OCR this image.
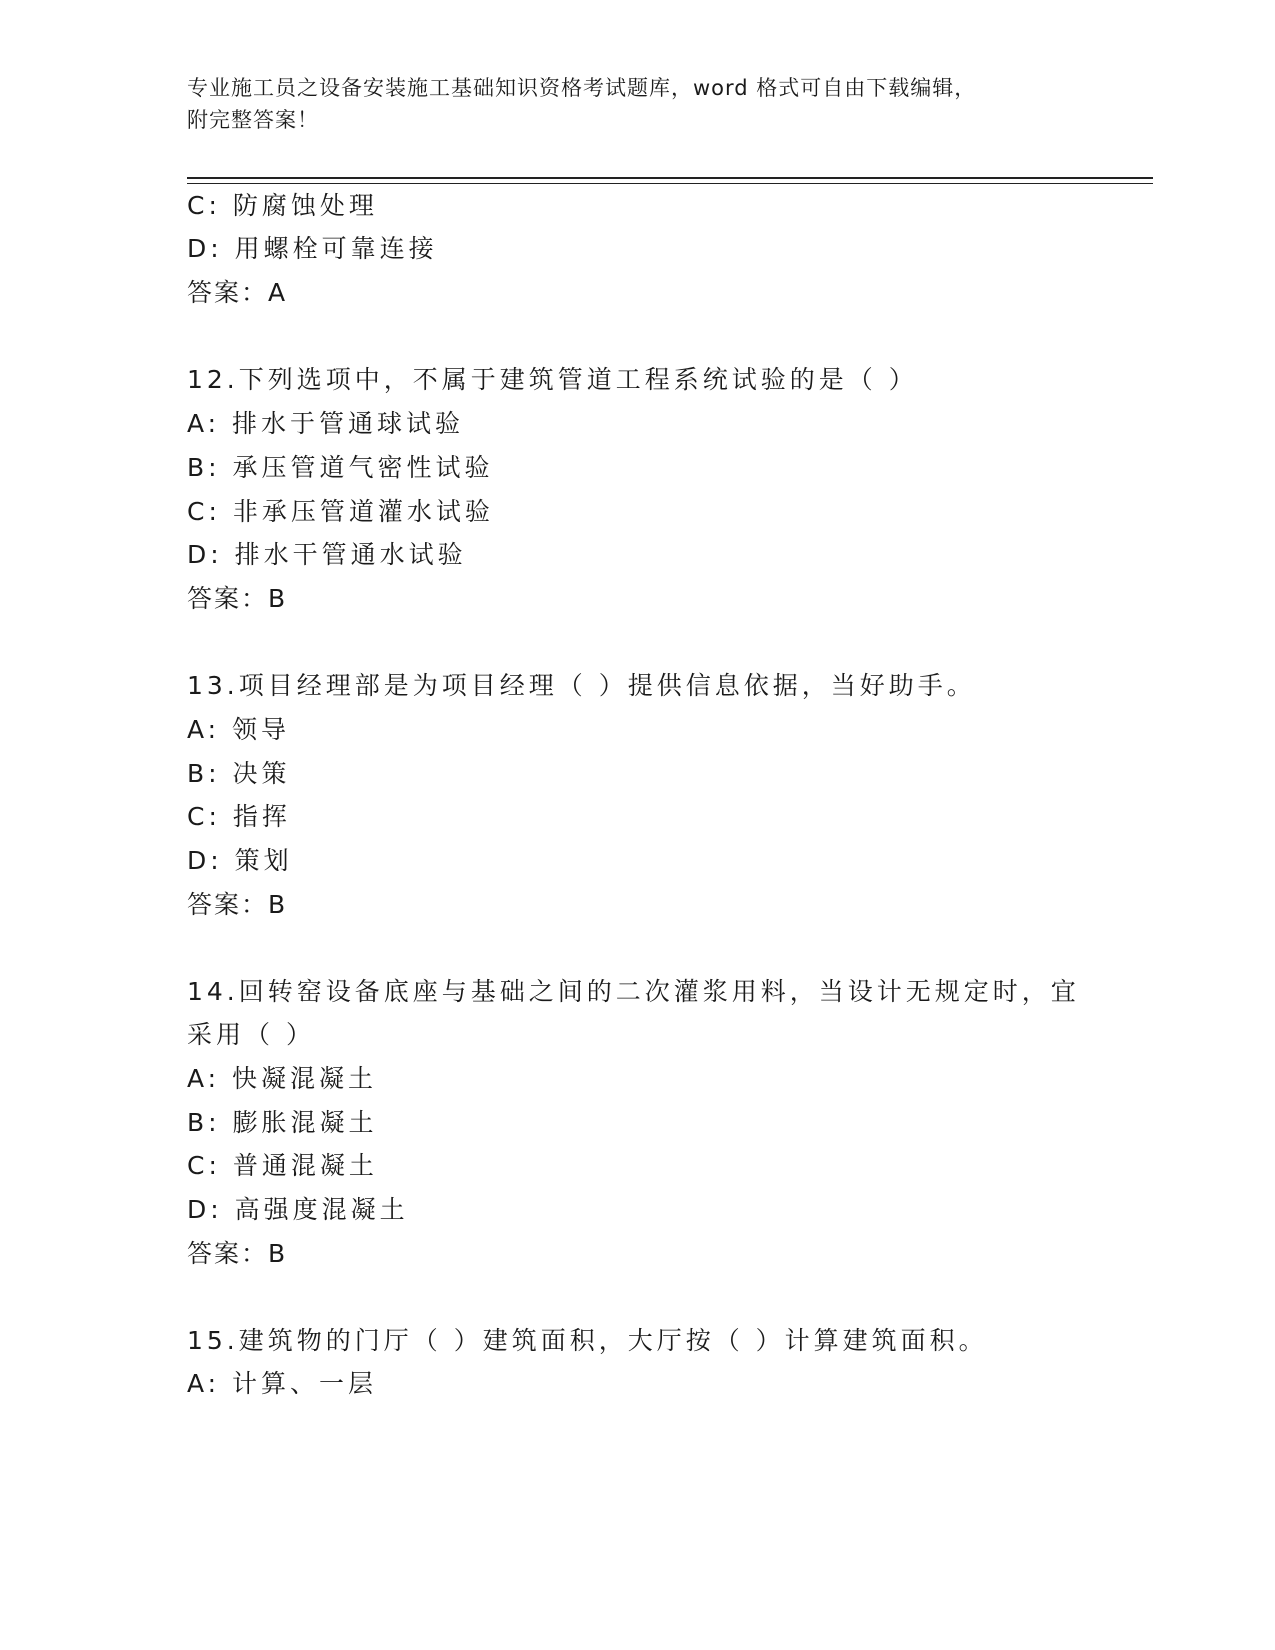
专业施工员之设备安装施工基础知识资格考试题库，word 格式可自由下载编辑，
附完整答案！
C: 防腐蚀处理
D: 用螺栓可靠连接
答案：A
12.下列选项中，不属于建筑管道工程系统试验的是（ ）
A: 排水于管通球试验
B: 承压管道气密性试验
C: 非承压管道灌水试验
D: 排水干管通水试验
答案：B
13.项目经理部是为项目经理（ ）提供信息依据，当好助手。
A: 领导
B: 决策
C: 指挥
D: 策划
答案：B
14.回转窑设备底座与基础之间的二次灌浆用料，当设计无规定时，宜
采用（ ）
A: 快凝混凝土
B: 膨胀混凝土
C: 普通混凝土
D: 高强度混凝土
答案：B
15.建筑物的门厅（ ）建筑面积，大厅按（ ）计算建筑面积。
A: 计算、一层
